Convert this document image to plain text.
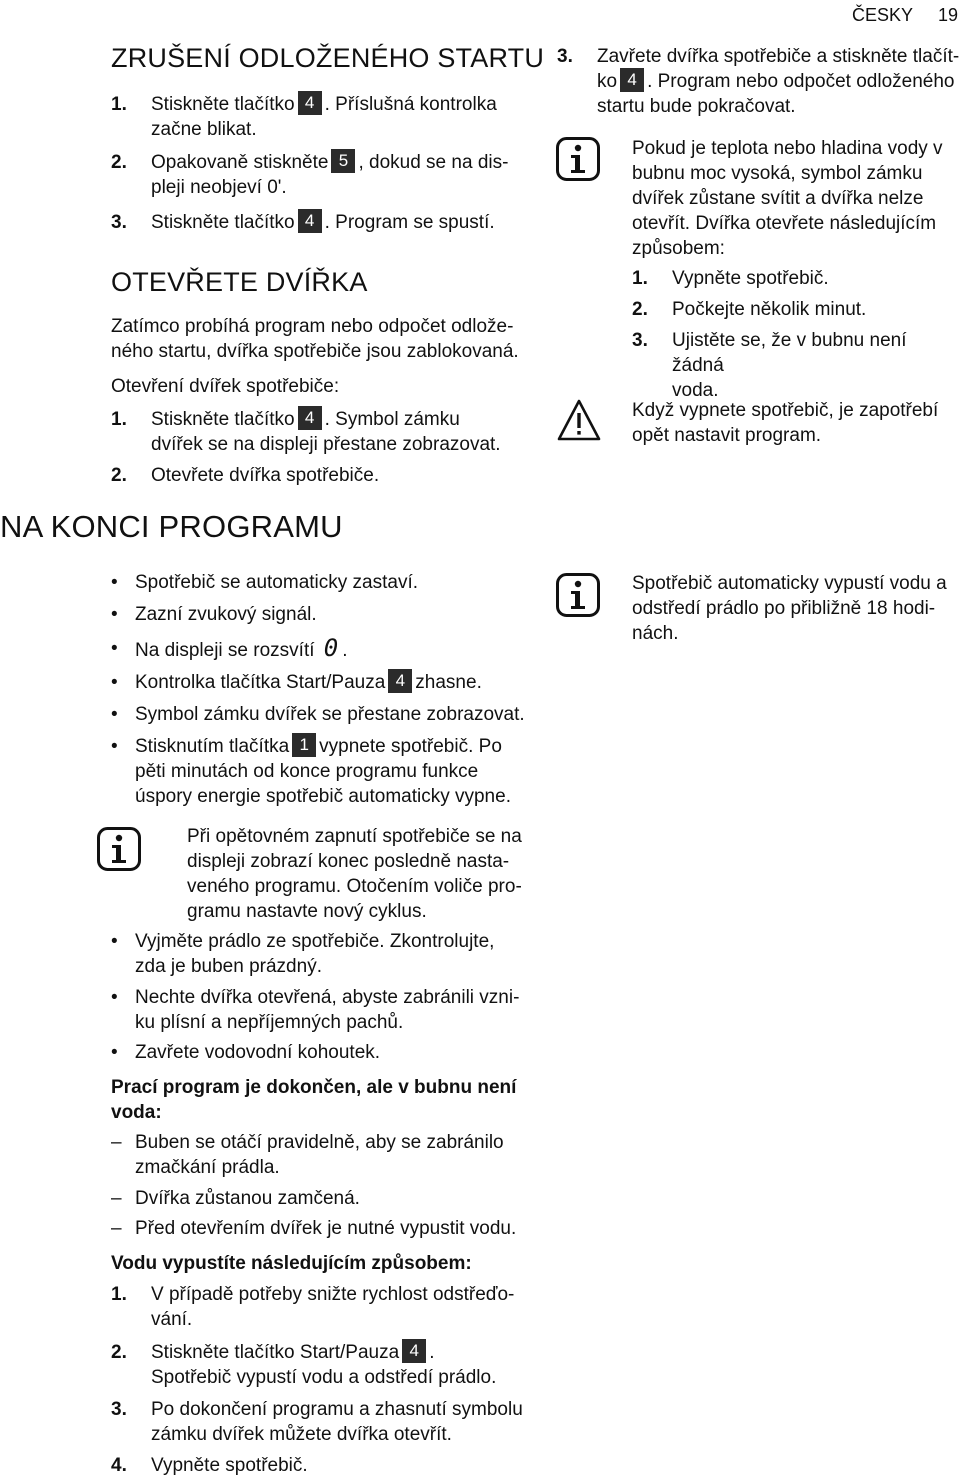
ČESKY 19
ZRUŠENÍ ODLOŽENÉHO STARTU
1.	Stiskněte tlačítko 4 . Příslušná kontrolka
začne blikat.
2.	Opakovaně stiskněte 5 , dokud se na dis-
pleji neobjeví 0'.
3.	Stiskněte tlačítko 4 . Program se spustí.
OTEVŘETE DVÍŘKA

Zatímco probíhá program nebo odpočet odlože-

ného startu, dvířka spotřebiče jsou zablokovaná.

Otevření dvířek spotřebiče:
1.	Stiskněte tlačítko 4 . Symbol zámku
dvířek se na displeji přestane zobrazovat.
2.	Otevřete dvířka spotřebiče.
NA KONCI PROGRAMU
3.	Zavřete dvířka spotřebiče a stiskněte tlačít-
ko 4 . Program nebo odpočet odloženého
startu bude pokračovat.

Pokud je teplota nebo hladina vody v

bubnu moc vysoká, symbol zámku

dvířek zůstane svítit a dvířka nelze

otevřít. Dvířka otevřete následujícím

způsobem:

1.	Vypněte spotřebič.
2.	Počkejte několik minut.
3.	Ujistěte se, že v bubnu není žádná
voda.

Když vypnete spotřebič, je zapotřebí

opět nastavit program.

Spotřebič automaticky vypustí vodu a

odstředí prádlo po přibližně 18 hodi-

nách.

• Spotřebič se automaticky zastaví.
• Zazní zvukový signál.
• Na displeji se rozsvítí 0 .
• Kontrolka tlačítka Start/Pauza 4 zhasne.
• Symbol zámku dvířek se přestane zobrazovat.
• Stisknutím tlačítka 1 vypnete spotřebič. Po
pěti minutách od konce programu funkce
úspory energie spotřebič automaticky vypne.

Při opětovném zapnutí spotřebiče se na

displeji zobrazí konec posledně nasta-

veného programu. Otočením voliče pro-

gramu nastavte nový cyklus.

• Vyjměte prádlo ze spotřebiče. Zkontrolujte,
zda je buben prázdný.
• Nechte dvířka otevřená, abyste zabránili vzni-
ku plísní a nepříjemných pachů.
• Zavřete vodovodní kohoutek.

Prací program je dokončen, ale v bubnu není

voda:

– Buben se otáčí pravidelně, aby se zabránilo
zmačkání prádla.
– Dvířka zůstanou zamčená.
– Před otevřením dvířek je nutné vypustit vodu.
Vodu vypustíte následujícím způsobem:
1.	V případě potřeby snižte rychlost odstřeďo-
vání.
2.	Stiskněte tlačítko Start/Pauza 4 .
Spotřebič vypustí vodu a odstředí prádlo.
3.	Po dokončení programu a zhasnutí symbolu
zámku dvířek můžete dvířka otevřít.
4.	Vypněte spotřebič.
